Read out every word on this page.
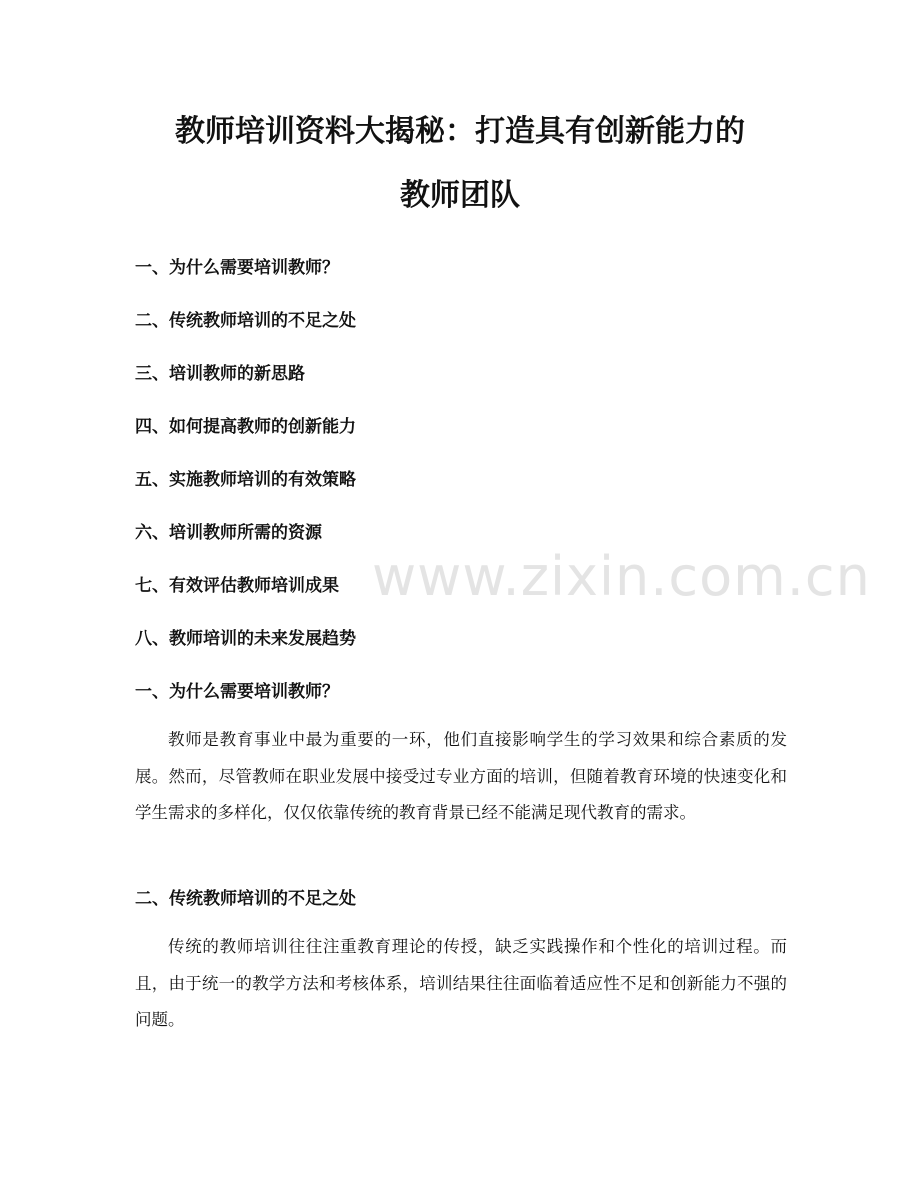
教师培训资料大揭秘：打造具有创新能力的
教师团队

一、为什么需要培训教师？

二、传统教师培训的不足之处

三、培训教师的新思路

四、如何提高教师的创新能力

五、实施教师培训的有效策略

六、培训教师所需的资源

七、有效评估教师培训成果

八、教师培训的未来发展趋势

一、为什么需要培训教师？

教师是教育事业中最为重要的一环，他们直接影响学生的学习效果和综合素质的发展。然而，尽管教师在职业发展中接受过专业方面的培训，但随着教育环境的快速变化和学生需求的多样化，仅仅依靠传统的教育背景已经不能满足现代教育的需求。

二、传统教师培训的不足之处

传统的教师培训往往注重教育理论的传授，缺乏实践操作和个性化的培训过程。而且，由于统一的教学方法和考核体系，培训结果往往面临着适应性不足和创新能力不强的问题。

www.zixin.com.cn
